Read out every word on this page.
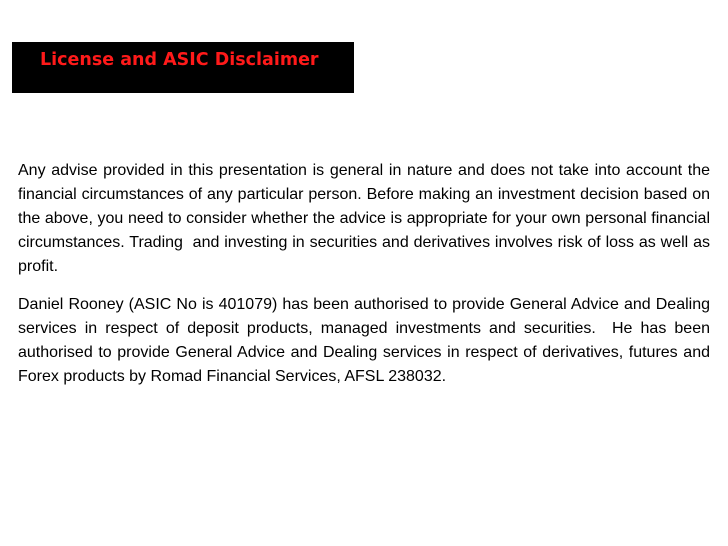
License and ASIC Disclaimer

Any advise provided in this presentation is general in nature and does not take into account the financial circumstances of any particular person. Before making an investment decision based on the above, you need to consider whether the advice is appropriate for your own personal financial circumstances. Trading  and investing in securities and derivatives involves risk of loss as well as profit.

Daniel Rooney (ASIC No is 401079) has been authorised to provide General Advice and Dealing services in respect of deposit products, managed investments and securities.  He has been authorised to provide General Advice and Dealing services in respect of derivatives, futures and Forex products by Romad Financial Services, AFSL 238032.
